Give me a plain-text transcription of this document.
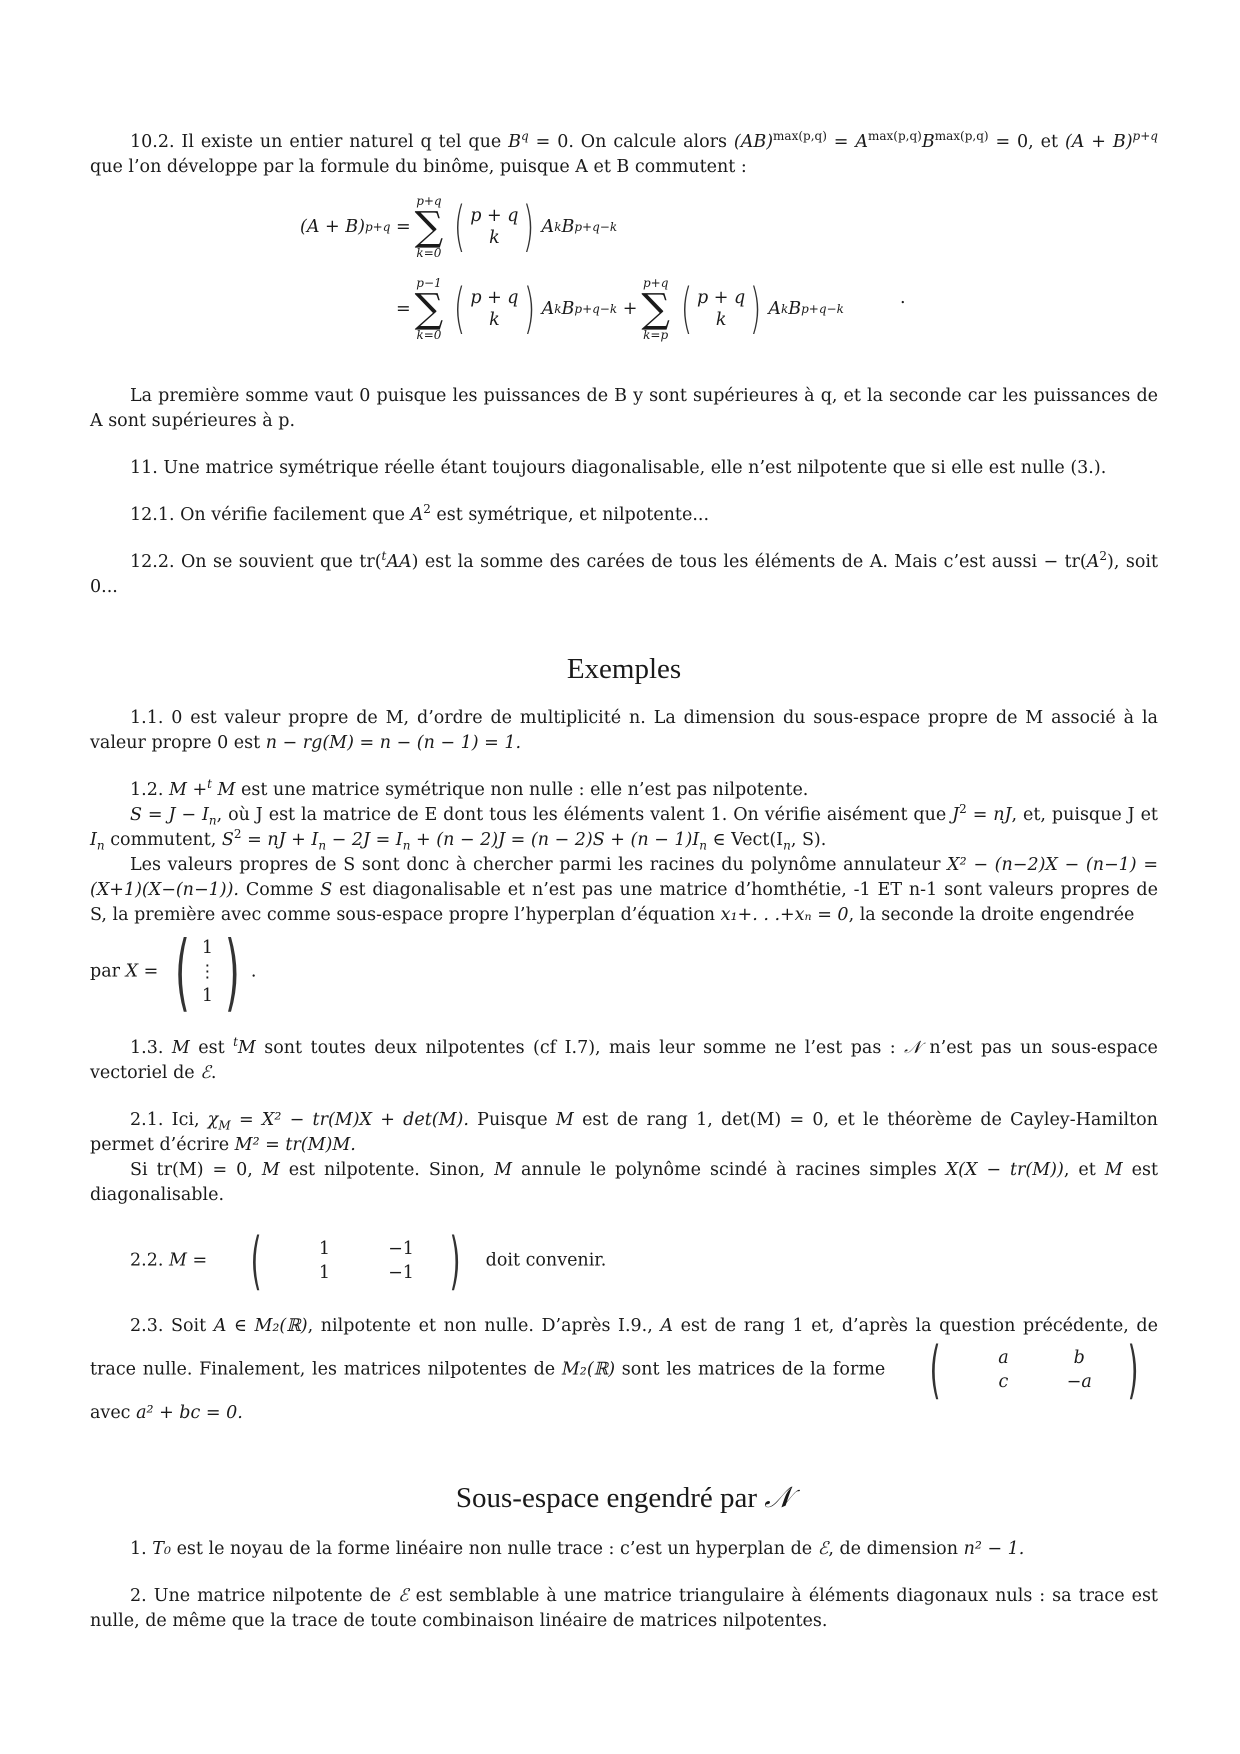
10.2. Il existe un entier naturel q tel que $B^q = 0$. On calcule alors $(AB)^{max(p,q)} = A^{max(p,q)}B^{max(p,q)} = 0$, et $(A + B)^{p+q}$ que l’on développe par la formule du binôme, puisque A et B commutent :

(A + B) p+q
=
p+q
∑
k=0 ( p + q
k ) A k B p+q−k
=
p−1
∑
k=0 ( p + q
k ) A k B p+q−k
+
p+q
∑
k=p ( p + q
k ) A k B p+q−k
.

La première somme vaut 0 puisque les puissances de B y sont supérieures à q, et la seconde car les puissances de A sont supérieures à p.

11. Une matrice symétrique réelle étant toujours diagonalisable, elle n’est nilpotente que si elle est nulle (3.).

12.1. On vérifie facilement que $A^2$ est symétrique, et nilpotente...

12.2. On se souvient que tr($^t$AA) est la somme des carées de tous les éléments de A. Mais c’est aussi − $tr(A^2)$, soit 0...

Exemples

1.1. 0 est valeur propre de M, d’ordre de multiplicité n. La dimension du sous-espace propre de M associé à la valeur propre 0 est n − rg(M) = n − (n − 1) = 1.

1.2. M +$^t$ M est une matrice symétrique non nulle : elle n’est pas nilpotente.

$S = J - I_n$, où J est la matrice de E dont tous les éléments valent 1. On vérifie aisément que $J^2$ = nJ, et, puisque J et $I_n$ commutent, $S^2$ = nJ + $I_n - 2J = I_n + (n - 2)J = (n - 2)S + (n - 1)I_n$ ∈ $Vect(I_n$, S).

Les valeurs propres de S sont donc à chercher parmi les racines du polynôme annulateur X² − (n−2)X − (n−1) = (X+1)(X−(n−1)). Comme S est diagonalisable et n’est pas une matrice d’homthétie, -1 ET n-1 sont valeurs propres de S, la première avec comme sous-espace propre l’hyperplan d’équation x₁+. . .+xₙ = 0, la seconde la droite engendrée

par X = ( 1
⋮
1 ) .

1.3. M est $^t$M sont toutes deux nilpotentes (cf I.7), mais leur somme ne l’est pas : 𝒩 n’est pas un sous-espace vectoriel de ℰ.

2.1. Ici, $\chi_M = X^2 - tr(M)X + \det(M)$. Puisque M est de rang 1, det(M) = 0, et le théorème de Cayley-Hamilton permet d’écrire M² = tr(M)M.

Si tr(M) = 0, M est nilpotente. Sinon, M annule le polynôme scindé à racines simples X(X − tr(M)), et M est diagonalisable.

2.2. M = (	1	−1
1	−1 ) doit convenir.

2.3. Soit A ∈ M₂(ℝ), nilpotente et non nulle. D’après I.9., A est de rang 1 et, d’après la question précédente, de trace nulle. Finalement, les matrices nilpotentes de M₂(ℝ) sont les matrices de la forme (	a	b
c	−a )
avec a² + bc = 0.

Sous-espace engendré par 𝒩

1. T₀ est le noyau de la forme linéaire non nulle trace : c’est un hyperplan de ℰ, de dimension n² − 1.

2. Une matrice nilpotente de ℰ est semblable à une matrice triangulaire à éléments diagonaux nuls : sa trace est nulle, de même que la trace de toute combinaison linéaire de matrices nilpotentes.
